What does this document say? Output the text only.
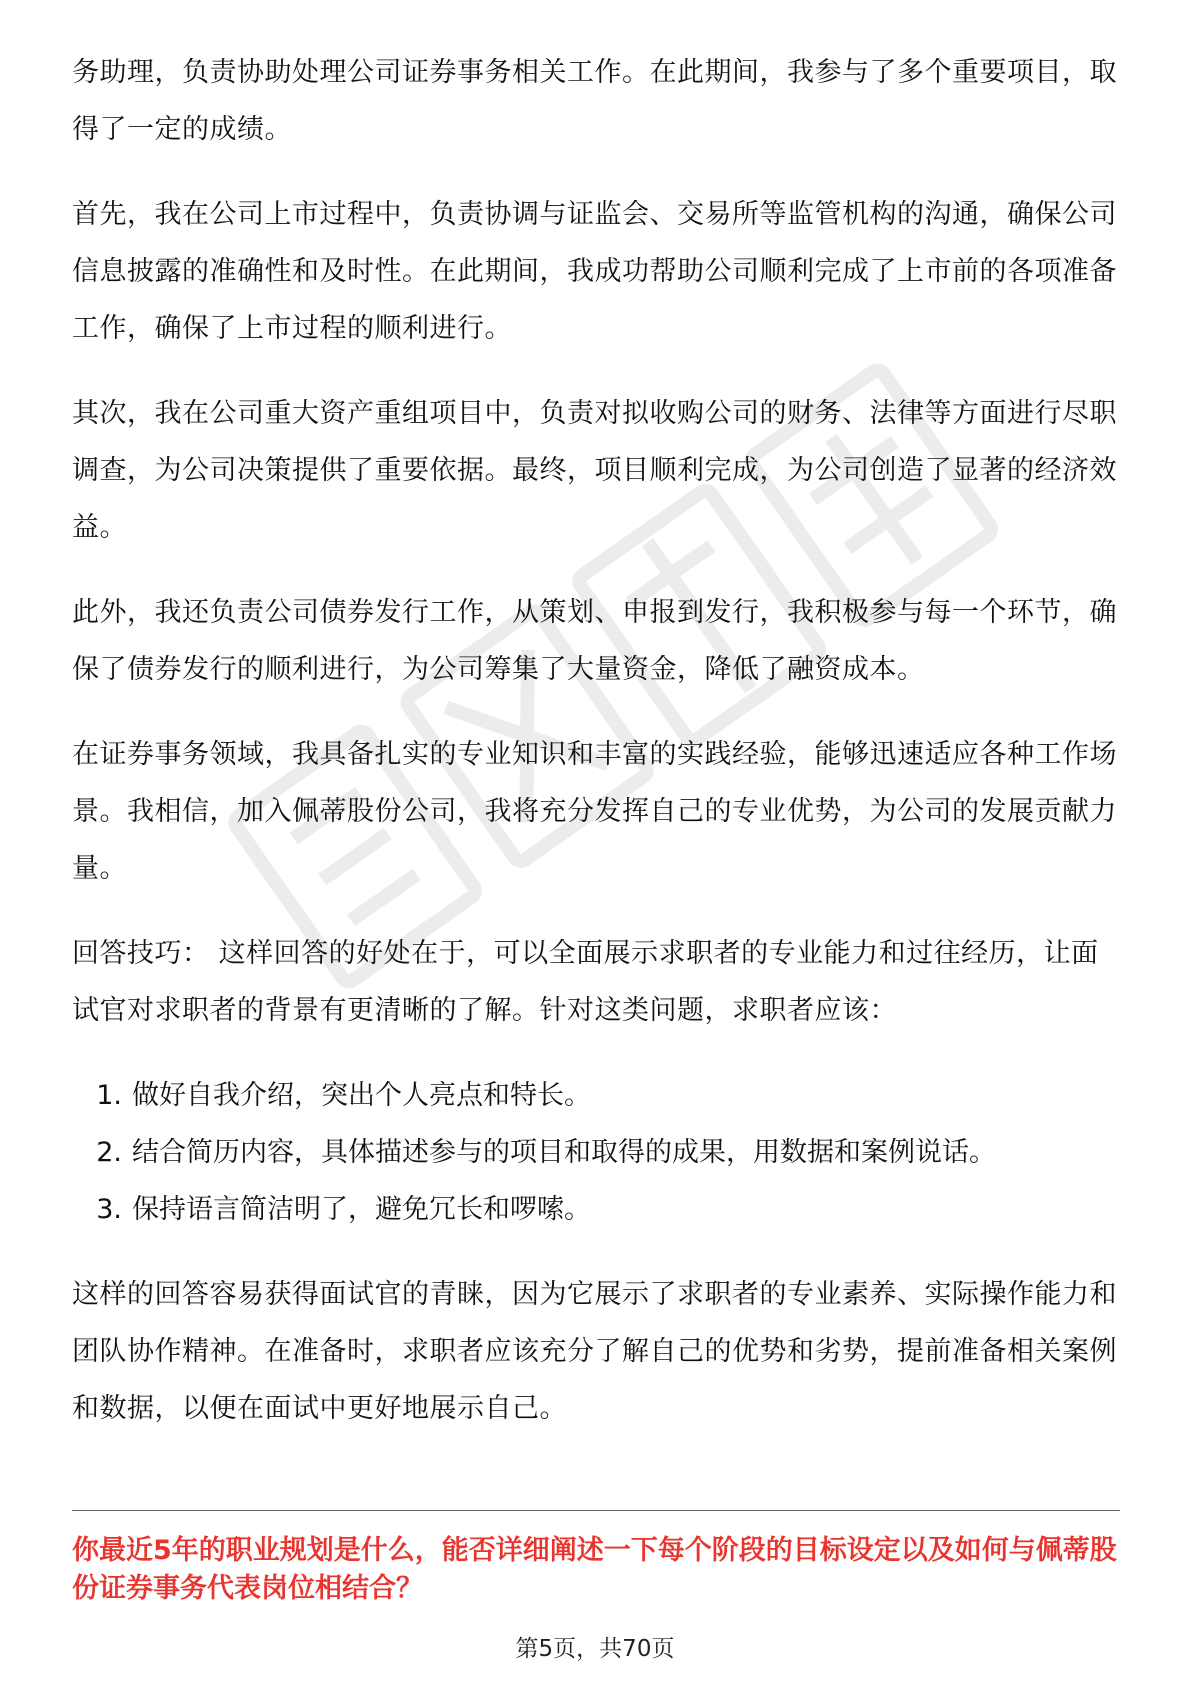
务助理，负责协助处理公司证券事务相关工作。在此期间，我参与了多个重要项目，取得了一定的成绩。

首先，我在公司上市过程中，负责协调与证监会、交易所等监管机构的沟通，确保公司信息披露的准确性和及时性。在此期间，我成功帮助公司顺利完成了上市前的各项准备工作，确保了上市过程的顺利进行。

其次，我在公司重大资产重组项目中，负责对拟收购公司的财务、法律等方面进行尽职调查，为公司决策提供了重要依据。最终，项目顺利完成，为公司创造了显著的经济效益。

此外，我还负责公司债券发行工作，从策划、申报到发行，我积极参与每一个环节，确保了债券发行的顺利进行，为公司筹集了大量资金，降低了融资成本。

在证券事务领域，我具备扎实的专业知识和丰富的实践经验，能够迅速适应各种工作场景。我相信，加入佩蒂股份公司，我将充分发挥自己的专业优势，为公司的发展贡献力量。

回答技巧： 这样回答的好处在于，可以全面展示求职者的专业能力和过往经历，让面试官对求职者的背景有更清晰的了解。针对这类问题，求职者应该：

1. 做好自我介绍，突出个人亮点和特长。
2. 结合简历内容，具体描述参与的项目和取得的成果，用数据和案例说话。
3. 保持语言简洁明了，避免冗长和啰嗦。

这样的回答容易获得面试官的青睐，因为它展示了求职者的专业素养、实际操作能力和团队协作精神。在准备时，求职者应该充分了解自己的优势和劣势，提前准备相关案例和数据，以便在面试中更好地展示自己。

你最近5年的职业规划是什么，能否详细阐述一下每个阶段的目标设定以及如何与佩蒂股份证券事务代表岗位相结合？
第5页，共70页
